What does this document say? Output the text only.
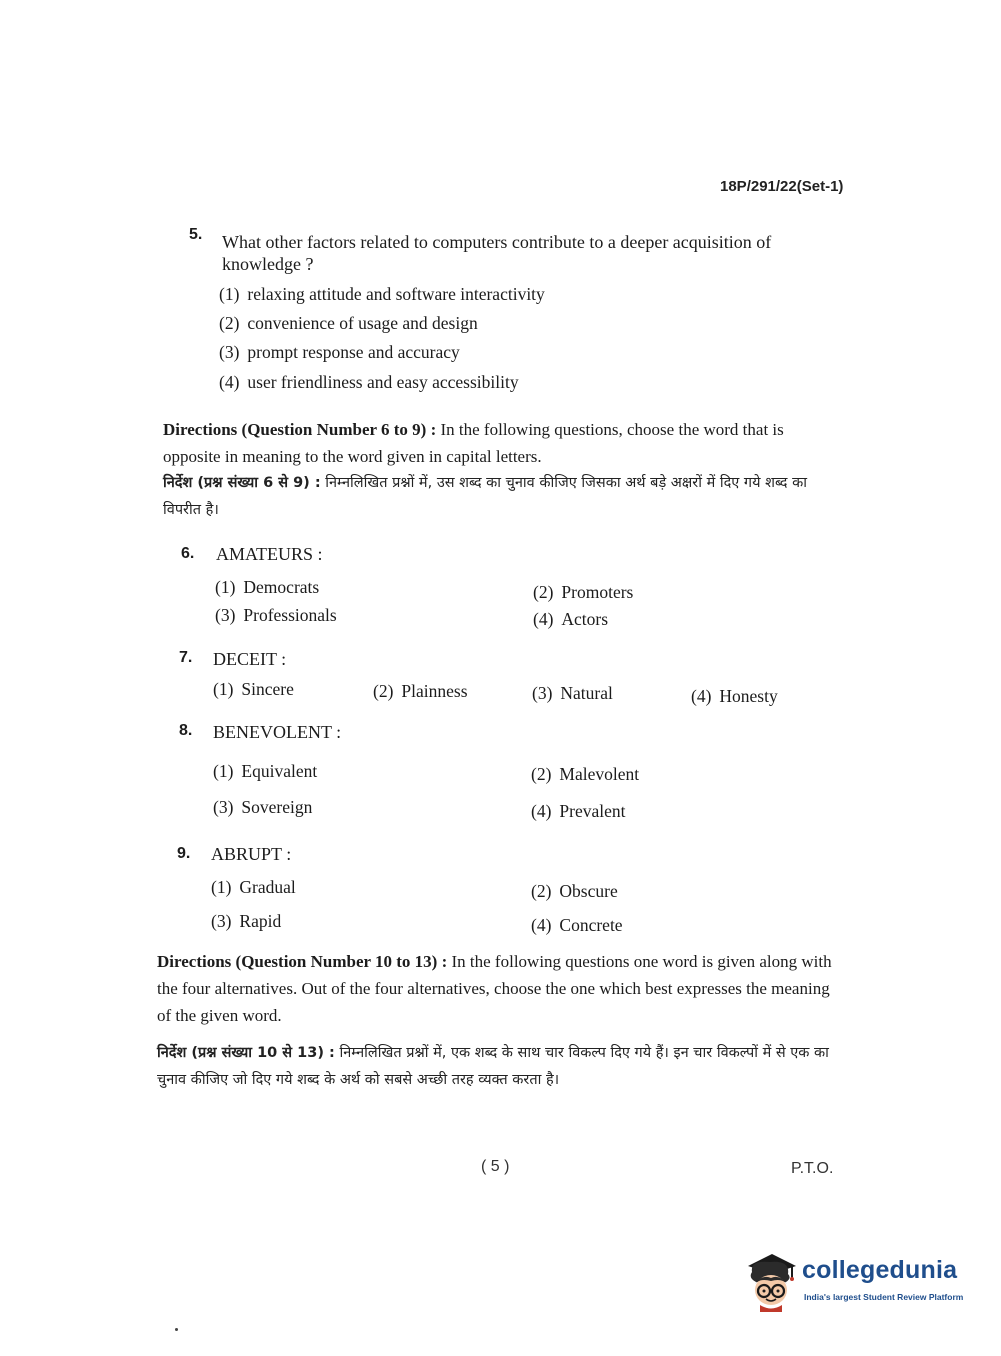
18P/291/22(Set-1)
5. What other factors related to computers contribute to a deeper acquisition of
knowledge ?
(1) relaxing attitude and software interactivity
(2) convenience of usage and design
(3) prompt response and accuracy
(4) user friendliness and easy accessibility
Directions (Question Number 6 to 9) : In the following questions, choose the word that is opposite in meaning to the word given in capital letters.
निर्देश (प्रश्न संख्या 6 से 9) : निम्नलिखित प्रश्नों में, उस शब्द का चुनाव कीजिए जिसका अर्थ बड़े अक्षरों में दिए गये शब्द का विपरीत है।
6. AMATEURS :
(1) Democrats	(2) Promoters
(3) Professionals	(4) Actors
7. DECEIT :
(1) Sincere	(2) Plainness	(3) Natural	(4) Honesty
8. BENEVOLENT :
(1) Equivalent	(2) Malevolent
(3) Sovereign	(4) Prevalent
9. ABRUPT :
(1) Gradual	(2) Obscure
(3) Rapid	(4) Concrete
Directions (Question Number 10 to 13) : In the following questions one word is given along with the four alternatives. Out of the four alternatives, choose the one which best expresses the meaning of the given word.
निर्देश (प्रश्न संख्या 10 से 13) : निम्नलिखित प्रश्नों में, एक शब्द के साथ चार विकल्प दिए गये हैं। इन चार विकल्पों में से एक का चुनाव कीजिए जो दिए गये शब्द के अर्थ को सबसे अच्छी तरह व्यक्त करता है।
( 5 )	P.T.O.
collegedunia
India's largest Student Review Platform
